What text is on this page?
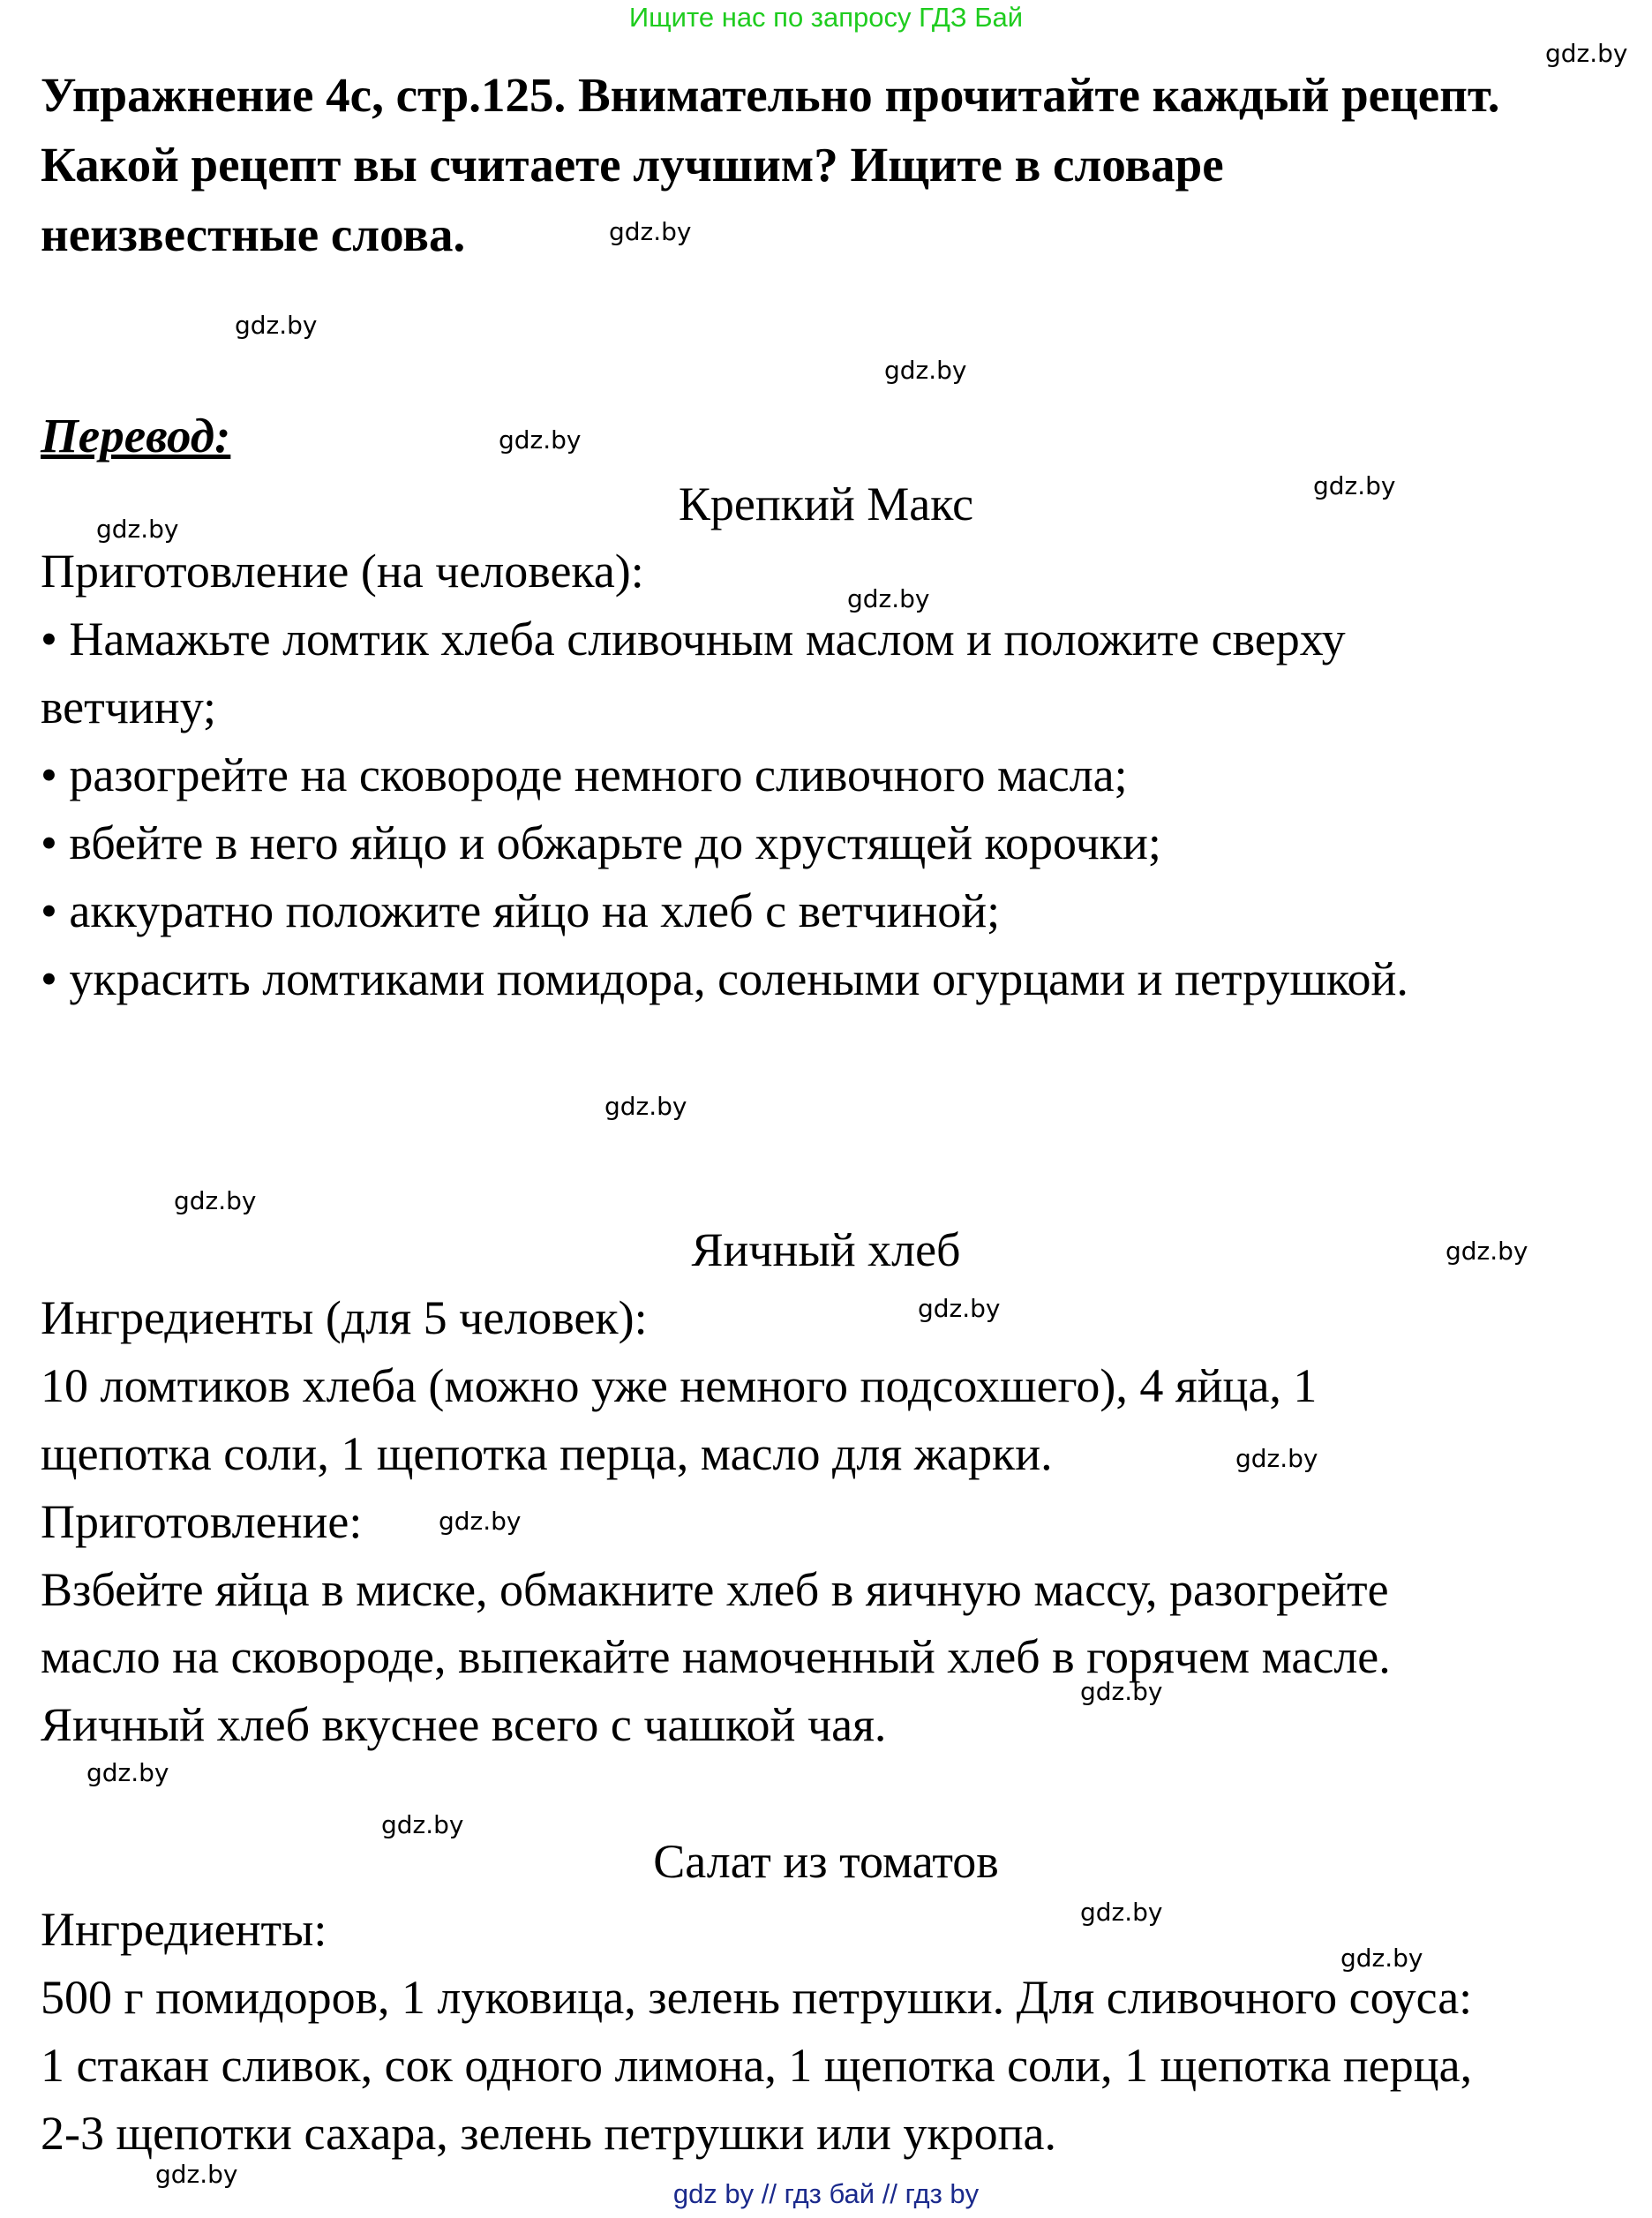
Ищите нас по запросу ГДЗ Бай
Упражнение 4c, стр.125. Внимательно прочитайте каждый рецепт.
Какой рецепт вы считаете лучшим? Ищите в словаре
неизвестные слова.
Перевод:
Крепкий Макс
Приготовление (на человека):
• Намажьте ломтик хлеба сливочным маслом и положите сверху
ветчину;
• разогрейте на сковороде немного сливочного масла;
• вбейте в него яйцо и обжарьте до хрустящей корочки;
• аккуратно положите яйцо на хлеб с ветчиной;
• украсить ломтиками помидора, солеными огурцами и петрушкой.
Яичный хлеб
Ингредиенты (для 5 человек):
10 ломтиков хлеба (можно уже немного подсохшего), 4 яйца, 1
щепотка соли, 1 щепотка перца, масло для жарки.
Приготовление:
Взбейте яйца в миске, обмакните хлеб в яичную массу, разогрейте
масло на сковороде, выпекайте намоченный хлеб в горячем масле.
Яичный хлеб вкуснее всего с чашкой чая.
Салат из томатов
Ингредиенты:
500 г помидоров, 1 луковица, зелень петрушки. Для сливочного соуса:
1 стакан сливок, сок одного лимона, 1 щепотка соли, 1 щепотка перца,
2-3 щепотки сахара, зелень петрушки или укропа.
gdz.by
gdz.by
gdz.by
gdz.by
gdz.by
gdz.by
gdz.by
gdz.by
gdz.by
gdz.by
gdz.by
gdz.by
gdz.by
gdz.by
gdz.by
gdz.by
gdz.by
gdz.by
gdz.by
gdz.by
gdz by // гдз бай // гдз by
